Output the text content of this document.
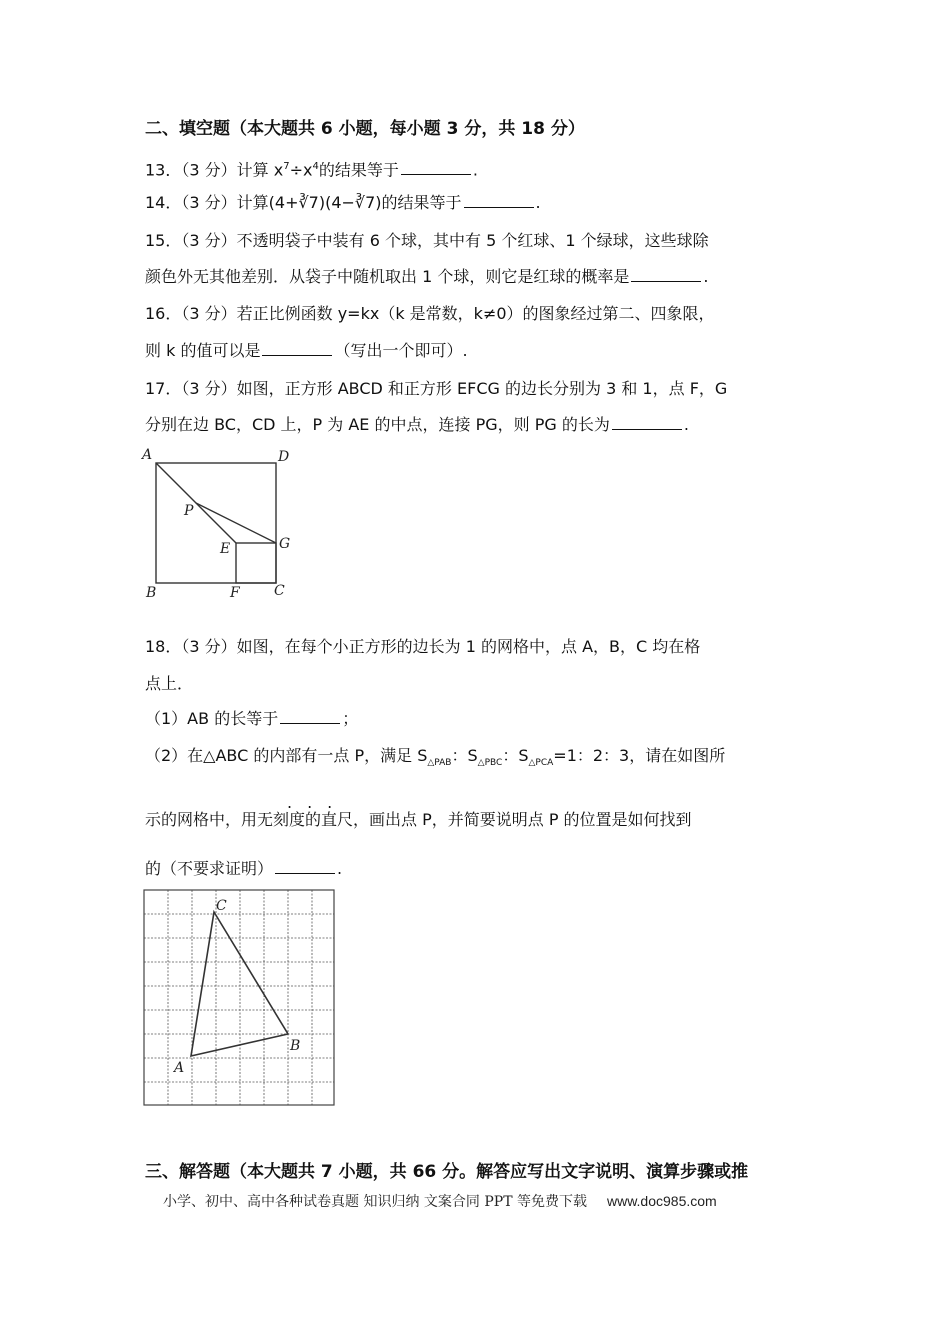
二、填空题（本大题共 6 小题，每小题 3 分，共 18 分）
13．（3 分）计算 $x^7\div x^4$的结果等于	.
14．（3 分）计算(4+∛7)(4−∛7)的结果等于	.
15．（3 分）不透明袋子中装有 6 个球，其中有 5 个红球、1 个绿球，这些球除
颜色外无其他差别．从袋子中随机取出 1 个球，则它是红球的概率是	.
16．（3 分）若正比例函数 y=kx（k 是常数，k≠0）的图象经过第二、四象限，
则 k 的值可以是	（写出一个即可）.
17．（3 分）如图，正方形 ABCD 和正方形 EFCG 的边长分别为 3 和 1，点 F，G
分别在边 BC，CD 上，P 为 AE 的中点，连接 PG，则 PG 的长为	.
A	D
P
E	G
B	F C
18．（3 分）如图，在每个小正方形的边长为 1 的网格中，点 A，B，C 均在格
点上．
（1）AB 的长等于	；
（2）在△ABC 的内部有一点 P，满足 $S_{\triangle PAB}$：$S_{\triangle PBC}$：$S_{\triangle PCA}=1$：2：3，请在如图所
...
示的网格中，用无刻度的直尺，画出点 P，并简要说明点 P 的位置是如何找到
的（不要求证明）	.
C
B
A
三、解答题（本大题共 7 小题，共 66 分。解答应写出文字说明、演算步骤或推
小学、初中、高中各种试卷真题 知识归纳 文案合同 PPT 等免费下载 www.doc985.com
